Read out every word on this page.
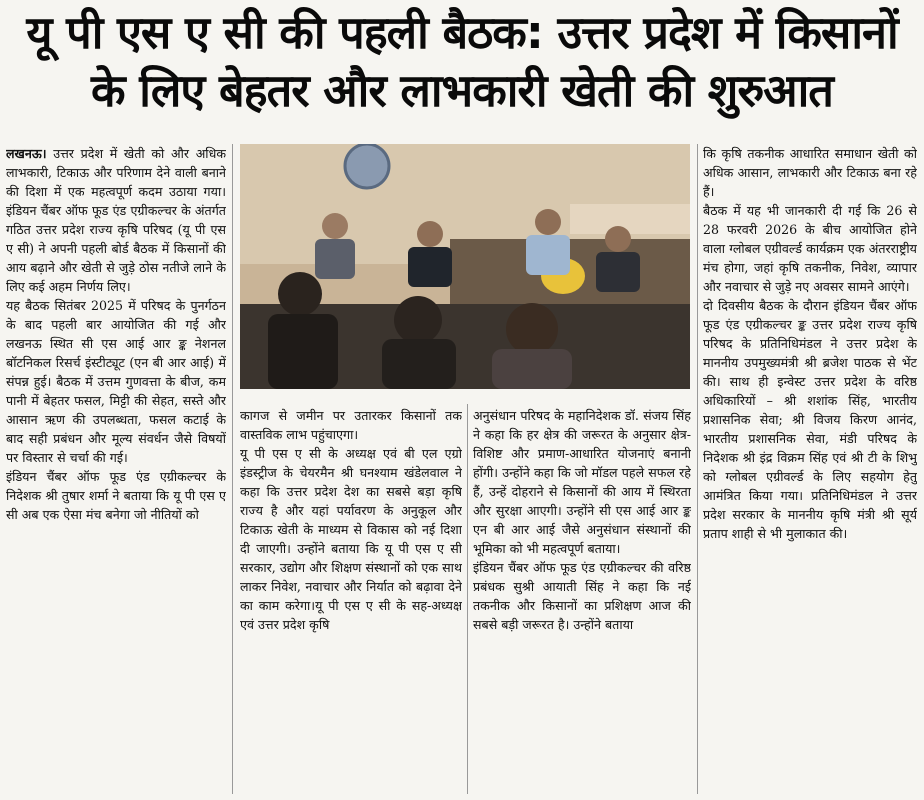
यू पी एस ए सी की पहली बैठक: उत्तर प्रदेश में किसानों
के लिए बेहतर और लाभकारी खेती की शुरुआत

लखनऊ। उत्तर प्रदेश में खेती को और अधिक लाभकारी, टिकाऊ और परिणाम देने वाली बनाने की दिशा में एक महत्वपूर्ण कदम उठाया गया। इंडियन चैंबर ऑफ फूड एंड एग्रीकल्चर के अंतर्गत गठित उत्तर प्रदेश राज्य कृषि परिषद (यू पी एस ए सी) ने अपनी पहली बोर्ड बैठक में किसानों की आय बढ़ाने और खेती से जुड़े ठोस नतीजे लाने के लिए कई अहम निर्णय लिए।

यह बैठक सितंबर 2025 में परिषद के पुनर्गठन के बाद पहली बार आयोजित की गई और लखनऊ स्थित सी एस आई आर ङ्क नेशनल बॉटनिकल रिसर्च इंस्टीट्यूट (एन बी आर आई) में संपन्न हुई। बैठक में उत्तम गुणवत्ता के बीज, कम पानी में बेहतर फसल, मिट्टी की सेहत, सस्ते और आसान ऋण की उपलब्धता, फसल कटाई के बाद सही प्रबंधन और मूल्य संवर्धन जैसे विषयों पर विस्तार से चर्चा की गई।

इंडियन चैंबर ऑफ फूड एंड एग्रीकल्चर के निदेशक श्री तुषार शर्मा ने बताया कि यू पी एस ए सी अब एक ऐसा मंच बनेगा जो नीतियों को

कागज से जमीन पर उतारकर किसानों तक वास्तविक लाभ पहुंचाएगा।

यू पी एस ए सी के अध्यक्ष एवं बी एल एग्रो इंडस्ट्रीज के चेयरमैन श्री घनश्याम खंडेलवाल ने कहा कि उत्तर प्रदेश देश का सबसे बड़ा कृषि राज्य है और यहां पर्यावरण के अनुकूल और टिकाऊ खेती के माध्यम से विकास को नई दिशा दी जाएगी। उन्होंने बताया कि यू पी एस ए सी सरकार, उद्योग और शिक्षण संस्थानों को एक साथ लाकर निवेश, नवाचार और निर्यात को बढ़ावा देने का काम करेगा।यू पी एस ए सी के सह-अध्यक्ष एवं उत्तर प्रदेश कृषि

अनुसंधान परिषद के महानिदेशक डॉ. संजय सिंह ने कहा कि हर क्षेत्र की जरूरत के अनुसार क्षेत्र-विशिष्ट और प्रमाण-आधारित योजनाएं बनानी होंगी। उन्होंने कहा कि जो मॉडल पहले सफल रहे हैं, उन्हें दोहराने से किसानों की आय में स्थिरता और सुरक्षा आएगी। उन्होंने सी एस आई आर ङ्क एन बी आर आई जैसे अनुसंधान संस्थानों की भूमिका को भी महत्वपूर्ण बताया।

इंडियन चैंबर ऑफ फूड एंड एग्रीकल्चर की वरिष्ठ प्रबंधक सुश्री आयाती सिंह ने कहा कि नई तकनीक और किसानों का प्रशिक्षण आज की सबसे बड़ी जरूरत है। उन्होंने बताया

कि कृषि तकनीक आधारित समाधान खेती को अधिक आसान, लाभकारी और टिकाऊ बना रहे हैं।

बैठक में यह भी जानकारी दी गई कि 26 से 28 फरवरी 2026 के बीच आयोजित होने वाला ग्लोबल एग्रीवर्ल्ड कार्यक्रम एक अंतरराष्ट्रीय मंच होगा, जहां कृषि तकनीक, निवेश, व्यापार और नवाचार से जुड़े नए अवसर सामने आएंगे।

दो दिवसीय बैठक के दौरान इंडियन चैंबर ऑफ फूड एंड एग्रीकल्चर ङ्क उत्तर प्रदेश राज्य कृषि परिषद के प्रतिनिधिमंडल ने उत्तर प्रदेश के माननीय उपमुख्यमंत्री श्री ब्रजेश पाठक से भेंट की। साथ ही इन्वेस्ट उत्तर प्रदेश के वरिष्ठ अधिकारियों – श्री शशांक सिंह, भारतीय प्रशासनिक सेवा; श्री विजय किरण आनंद, भारतीय प्रशासनिक सेवा, मंडी परिषद के निदेशक श्री इंद्र विक्रम सिंह एवं श्री टी के शिभु को ग्लोबल एग्रीवर्ल्ड के लिए सहयोग हेतु आमंत्रित किया गया। प्रतिनिधिमंडल ने उत्तर प्रदेश सरकार के माननीय कृषि मंत्री श्री सूर्य प्रताप शाही से भी मुलाकात की।
